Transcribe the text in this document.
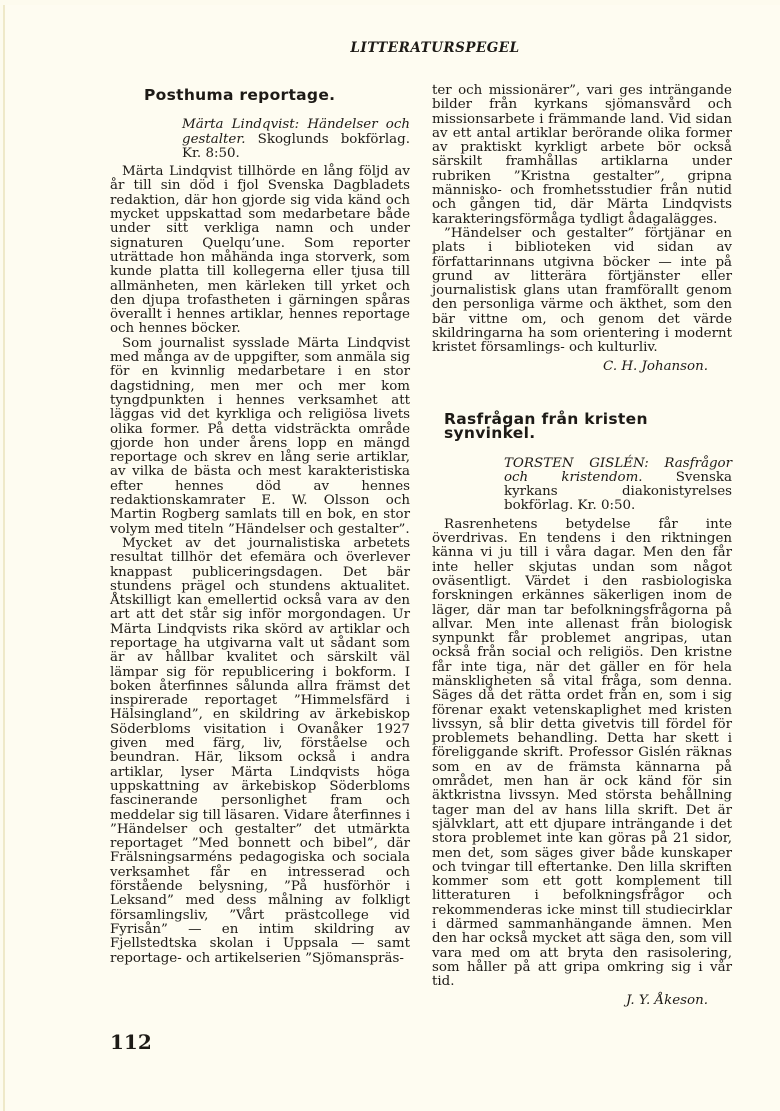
LITTERATURSPEGEL
Posthuma reportage.
Märta Lindqvist: Händelser och gestalter. Skoglunds bokförlag. Kr. 8:50.

Märta Lindqvist tillhörde en lång följd av år till sin död i fjol Svenska Dagbladets redaktion, där hon gjorde sig vida känd och mycket uppskattad som medarbetare både under sitt verkliga namn och under signaturen Quelqu’une. Som reporter uträttade hon måhända inga storverk, som kunde platta till kollegerna eller tjusa till allmänheten, men kärleken till yrket och den djupa trofastheten i gärningen spåras överallt i hennes artiklar, hennes reportage och hennes böcker.

Som journalist sysslade Märta Lindqvist med många av de uppgifter, som anmäla sig för en kvinnlig medarbetare i en stor dagstidning, men mer och mer kom tyngdpunkten i hennes verksamhet att läggas vid det kyrkliga och religiösa livets olika former. På detta vidsträckta område gjorde hon under årens lopp en mängd reportage och skrev en lång serie artiklar, av vilka de bästa och mest karakteristiska efter hennes död av hennes redaktionskamrater E. W. Olsson och Martin Rogberg samlats till en bok, en stor volym med titeln ”Händelser och gestalter”.

Mycket av det journalistiska arbetets resultat tillhör det efemära och överlever knappast publiceringsdagen. Det bär stundens prägel och stundens aktualitet. Åtskilligt kan emellertid också vara av den art att det står sig inför morgondagen. Ur Märta Lindqvists rika skörd av artiklar och reportage ha utgivarna valt ut sådant som är av hållbar kvalitet och särskilt väl lämpar sig för republicering i bokform. I boken återfinnes sålunda allra främst det inspirerade reportaget ”Himmelsfärd i Hälsingland”, en skildring av ärkebiskop Söderbloms visitation i Ovanåker 1927 given med färg, liv, förståelse och beundran. Här, liksom också i andra artiklar, lyser Märta Lindqvists höga uppskattning av ärkebiskop Söderbloms fascinerande personlighet fram och meddelar sig till läsaren. Vidare återfinnes i ”Händelser och gestalter” det utmärkta reportaget ”Med bonnett och bibel”, där Frälsningsarméns pedagogiska och sociala verksamhet får en intresserad och förstående belysning, ”På husförhör i Leksand” med dess målning av folkligt församlingsliv, ”Vårt prästcollege vid Fyrisån” — en intim skildring av Fjellstedtska skolan i Uppsala — samt reportage- och artikelserien ”Sjömanspräs-

ter och missionärer”, vari ges inträngande bilder från kyrkans sjömansvård och missionsarbete i främmande land. Vid sidan av ett antal artiklar berörande olika former av praktiskt kyrkligt arbete bör också särskilt framhållas artiklarna under rubriken ”Kristna gestalter”, gripna människo- och fromhetsstudier från nutid och gången tid, där Märta Lindqvists karakteringsförmåga tydligt ådagalägges.

”Händelser och gestalter” förtjänar en plats i biblioteken vid sidan av författarinnans utgivna böcker — inte på grund av litterära förtjänster eller journalistisk glans utan framförallt genom den personliga värme och äkthet, som den bär vittne om, och genom det värde skildringarna ha som orientering i modernt kristet församlings- och kulturliv.

C. H. Johanson.
Rasfrågan från kristen synvinkel.
TORSTEN GISLÉN: Rasfrågor och kristendom. Svenska kyrkans diakonistyrelses bokförlag. Kr. 0:50.

Rasrenhetens betydelse får inte överdrivas. En tendens i den riktningen känna vi ju till i våra dagar. Men den får inte heller skjutas undan som något oväsentligt. Värdet i den rasbiologiska forskningen erkännes säkerligen inom de läger, där man tar befolkningsfrågorna på allvar. Men inte allenast från biologisk synpunkt får problemet angripas, utan också från social och religiös. Den kristne får inte tiga, när det gäller en för hela mänskligheten så vital fråga, som denna. Säges då det rätta ordet från en, som i sig förenar exakt vetenskaplighet med kristen livssyn, så blir detta givetvis till fördel för problemets behandling. Detta har skett i föreliggande skrift. Professor Gislén räknas som en av de främsta kännarna på området, men han är ock känd för sin äktkristna livssyn. Med största behållning tager man del av hans lilla skrift. Det är självklart, att ett djupare inträngande i det stora problemet inte kan göras på 21 sidor, men det, som säges giver både kunskaper och tvingar till eftertanke. Den lilla skriften kommer som ett gott komplement till litteraturen i befolkningsfrågor och rekommenderas icke minst till studiecirklar i därmed sammanhängande ämnen. Men den har också mycket att säga den, som vill vara med om att bryta den rasisolering, som håller på att gripa omkring sig i vår tid.

J. Y. Åkeson.
112
